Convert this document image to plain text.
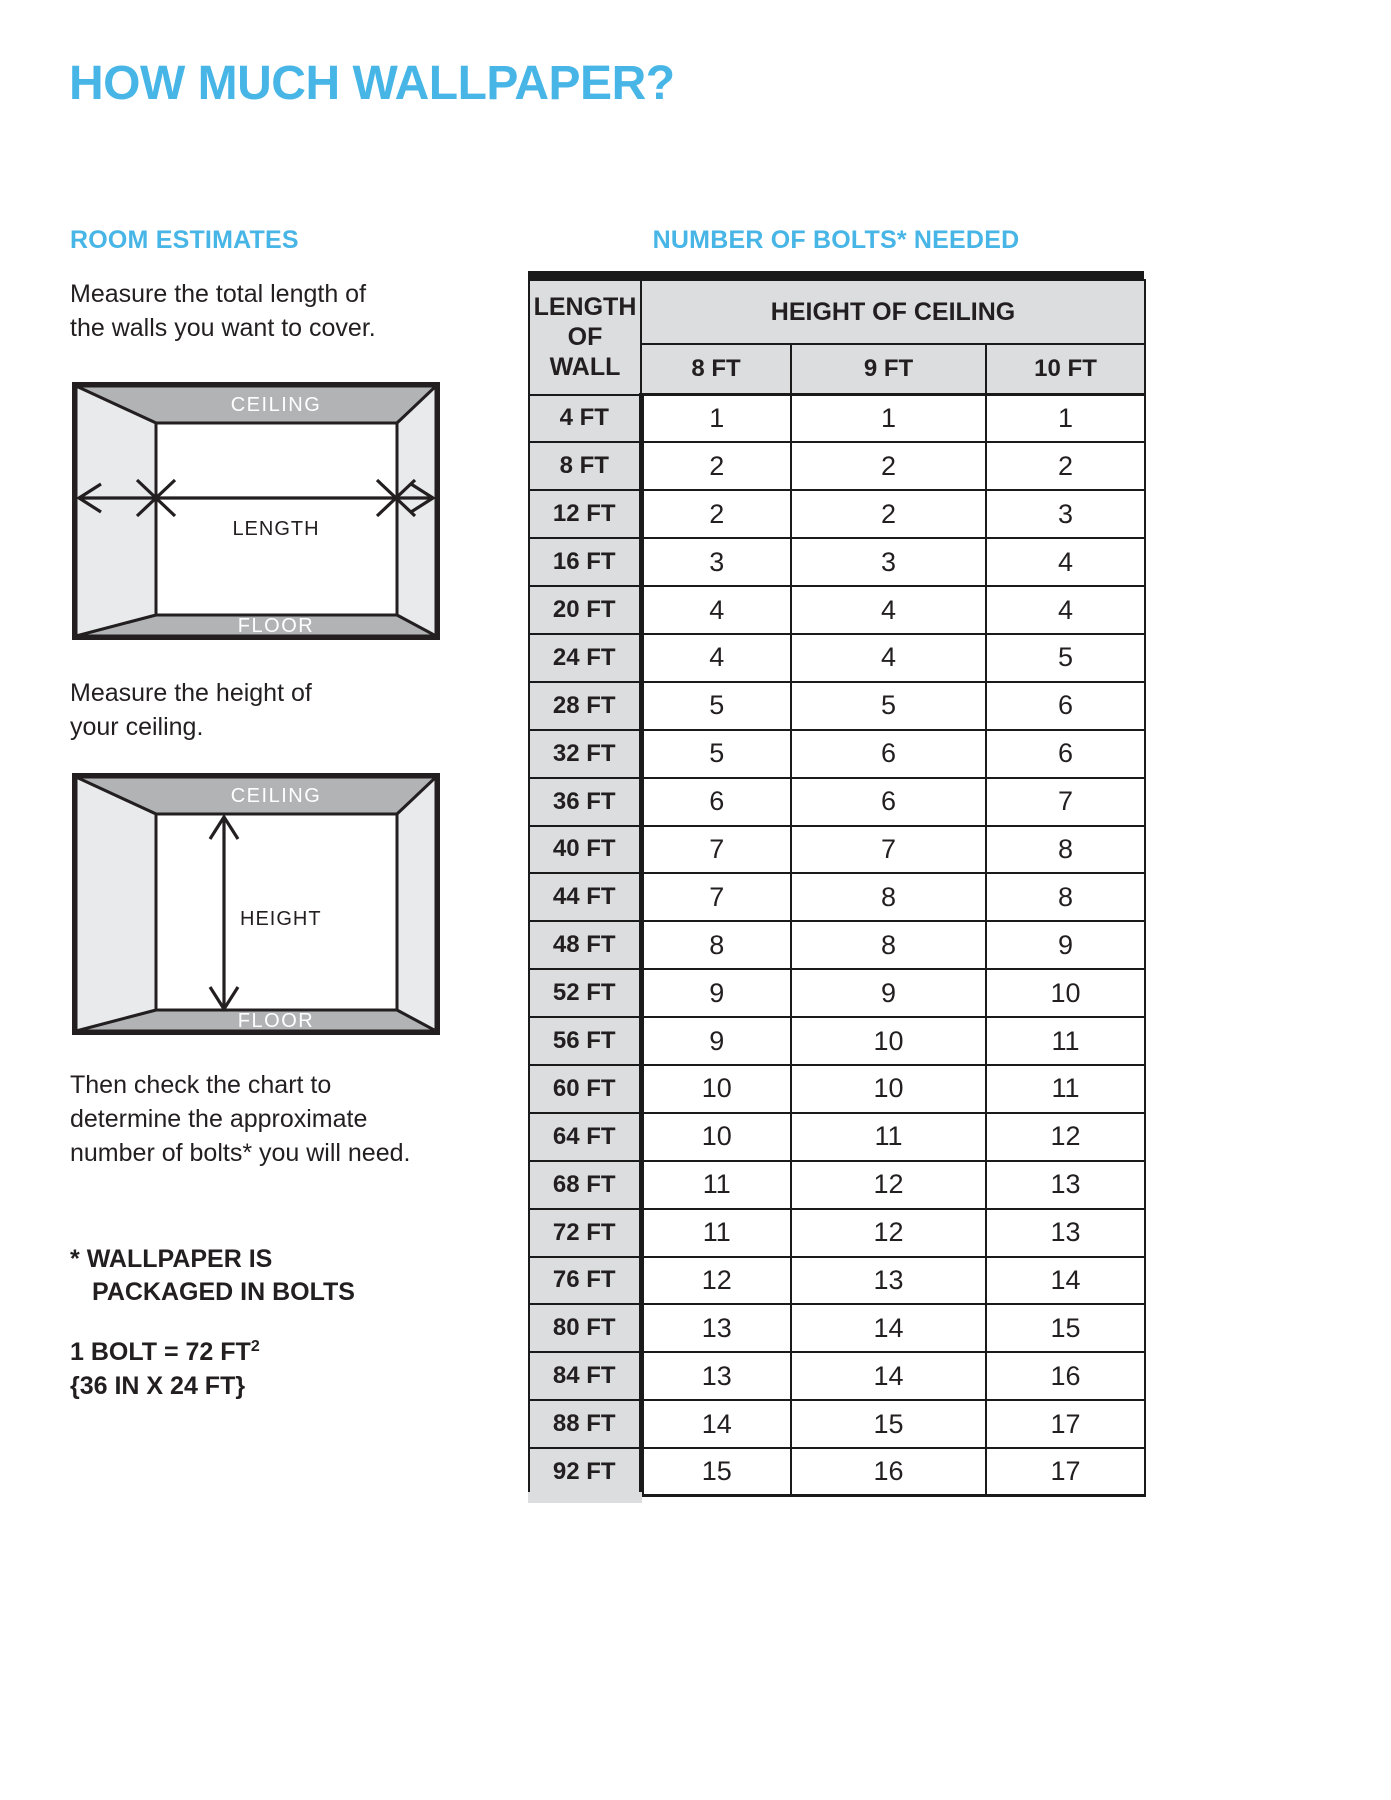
HOW MUCH WALLPAPER?
ROOM ESTIMATES	NUMBER OF BOLTS* NEEDED
Measure the total length of
the walls you want to cover.
CEILING
LENGTH
FLOOR
Measure the height of
your ceiling.
CEILING
HEIGHT
FLOOR
Then check the chart to
determine the approximate
number of bolts* you will need.
* WALLPAPER IS
PACKAGED IN BOLTS
1 BOLT = 72 $FT^2$
{36 IN X 24 FT}
LENGTH
OF WALL	HEIGHT OF CEILING		
	8 FT	9 FT	10 FT
4 FT	1	1	1
8 FT	2	2	2
12 FT	2	2	3
16 FT	3	3	4
20 FT	4	4	4
24 FT	4	4	5
28 FT	5	5	6
32 FT	5	6	6
36 FT	6	6	7
40 FT	7	7	8
44 FT	7	8	8
48 FT	8	8	9
52 FT	9	9	10
56 FT	9	10	11
60 FT	10	10	11
64 FT	10	11	12
68 FT	11	12	13
72 FT	11	12	13
76 FT	12	13	14
80 FT	13	14	15
84 FT	13	14	16
88 FT	14	15	17
92 FT	15	16	17
